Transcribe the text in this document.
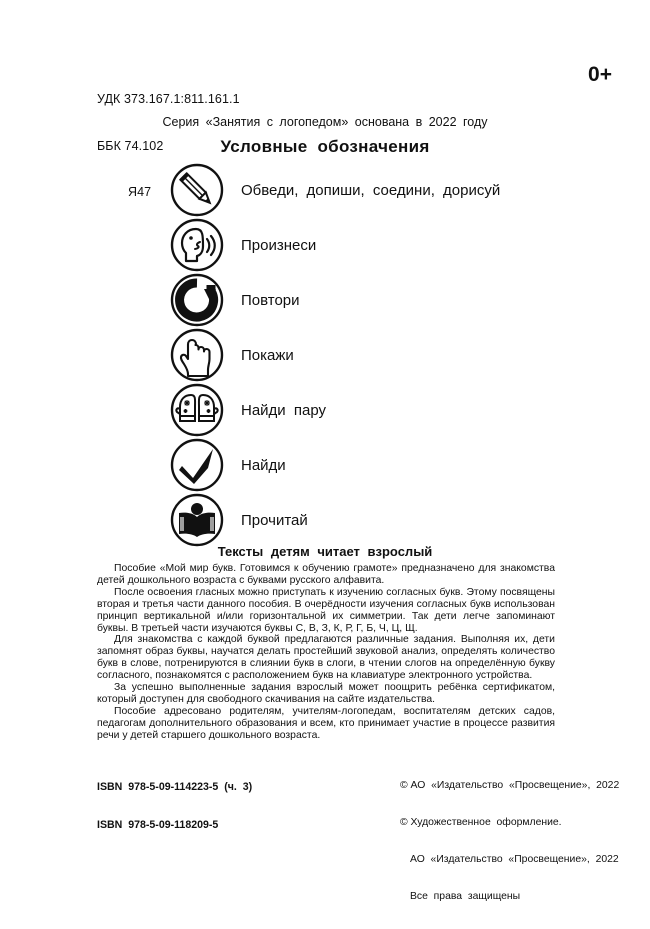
УДК 373.167.1:811.161.1

ББК 74.102

Я47

0+
Серия «Занятия с логопедом» основана в 2022 году
Условные обозначения
Обведи, допиши, соедини, дорисуй
Произнеси
Повтори
Покажи
Найди пару
Найди
Прочитай
Тексты детям читает взрослый

Пособие «Мой мир букв. Готовимся к обучению грамоте» предназначено для знакомства детей дошкольного возраста с буквами русского алфавита.

После освоения гласных можно приступать к изучению согласных букв. Этому посвящены вторая и третья части данного пособия. В очерёдности изучения согласных букв использован принцип вертикальной и/или горизонтальной их симметрии. Так дети легче запоминают буквы. В третьей части изучаются буквы С, В, З, К, Р, Г, Б, Ч, Ц, Щ.

Для знакомства с каждой буквой предлагаются различные задания. Выполняя их, дети запомнят образ буквы, научатся делать простейший звуковой анализ, определять количество букв в слове, потренируются в слиянии букв в слоги, в чтении слогов на определённую букву согласного, познакомятся с расположением букв на клавиатуре электронного устройства.

За успешно выполненные задания взрослый может поощрить ребёнка сертификатом, который доступен для свободного скачивания на сайте издательства.

Пособие адресовано родителям, учителям-логопедам, воспитателям детских садов, педагогам дополнительного образования и всем, кто принимает участие в процессе развития речи у детей старшего дошкольного возраста.

ISBN  978-5-09-114223-5  (ч.  3)

ISBN  978-5-09-118209-5

© АО  «Издательство  «Просвещение»,  2022

© Художественное  оформление.

АО  «Издательство  «Просвещение»,  2022

Все  права  защищены
